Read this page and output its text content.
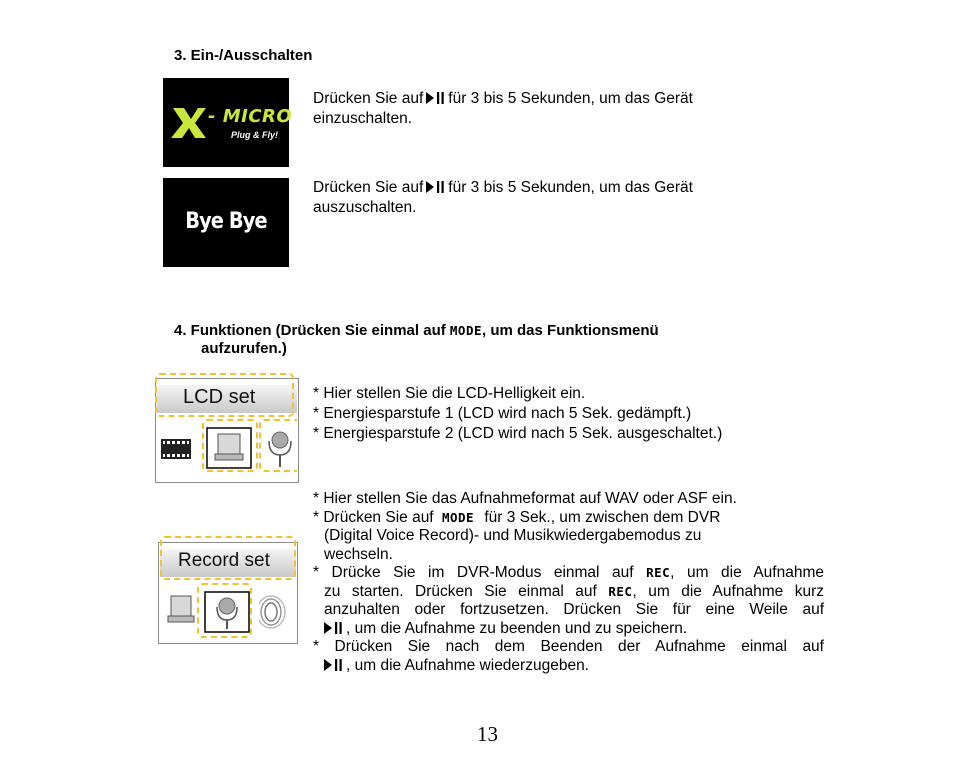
3. Ein-/Ausschalten
- MICRO
Plug & Fly!
Drücken Sie auf für 3 bis 5 Sekunden, um das Gerät
einzuschalten.
Bye Bye
Drücken Sie auf für 3 bis 5 Sekunden, um das Gerät
auszuschalten.
4. Funktionen (Drücken Sie einmal auf MODE, um das Funktionsmenü
aufzurufen.)
LCD set	* Hier stellen Sie die LCD-Helligkeit ein.
* Energiesparstufe 1 (LCD wird nach 5 Sek. gedämpft.)
* Energiesparstufe 2 (LCD wird nach 5 Sek. ausgeschaltet.)
Record set
* Hier stellen Sie das Aufnahmeformat auf WAV oder ASF ein.
* Drücken Sie auf MODE für 3 Sek., um zwischen dem DVR
(Digital Voice Record)- und Musikwiedergabemodus zu
wechseln.
* Drücke Sie im DVR-Modus einmal auf REC, um die Aufnahme
zu starten. Drücken Sie einmal auf REC, um die Aufnahme kurz
anzuhalten oder fortzusetzen. Drücken Sie für eine Weile auf
, um die Aufnahme zu beenden und zu speichern.
* Drücken Sie nach dem Beenden der Aufnahme einmal auf
, um die Aufnahme wiederzugeben.
13
